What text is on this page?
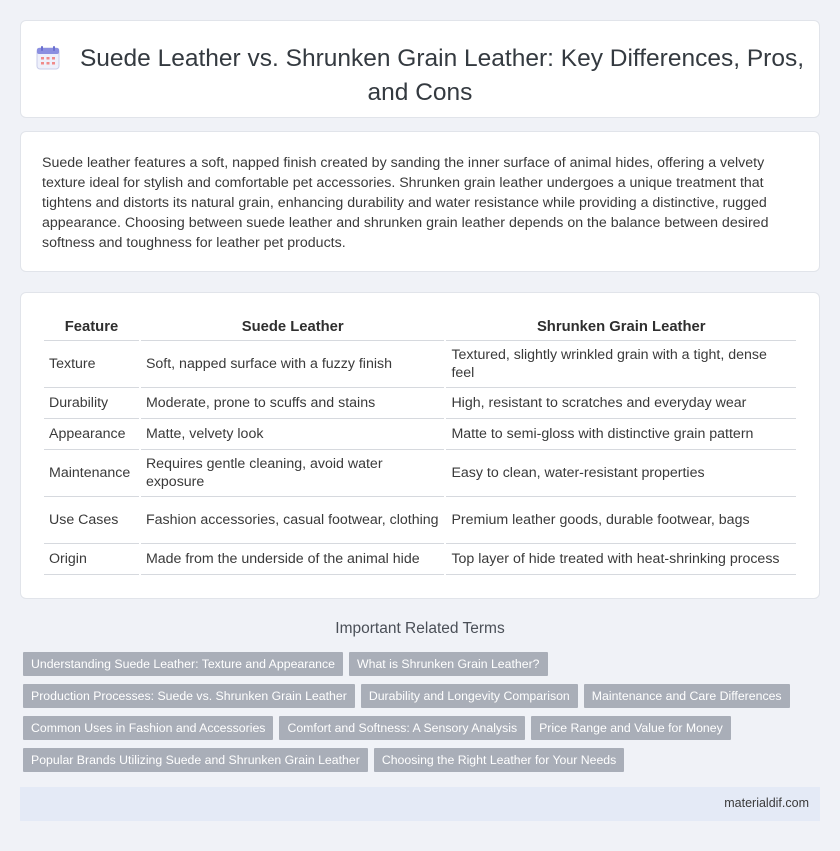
Suede Leather vs. Shrunken Grain Leather: Key Differences, Pros, and Cons

Suede leather features a soft, napped finish created by sanding the inner surface of animal hides, offering a velvety texture ideal for stylish and comfortable pet accessories. Shrunken grain leather undergoes a unique treatment that tightens and distorts its natural grain, enhancing durability and water resistance while providing a distinctive, rugged appearance. Choosing between suede leather and shrunken grain leather depends on the balance between desired softness and toughness for leather pet products.

Feature	Suede Leather	Shrunken Grain Leather
Texture	Soft, napped surface with a fuzzy finish	Textured, slightly wrinkled grain with a tight, dense feel
Durability	Moderate, prone to scuffs and stains	High, resistant to scratches and everyday wear
Appearance	Matte, velvety look	Matte to semi-gloss with distinctive grain pattern
Maintenance	Requires gentle cleaning, avoid water exposure	Easy to clean, water-resistant properties
Use Cases	Fashion accessories, casual footwear, clothing	Premium leather goods, durable footwear, bags
Origin	Made from the underside of the animal hide	Top layer of hide treated with heat-shrinking process
Important Related Terms
Understanding Suede Leather: Texture and Appearance What is Shrunken Grain Leather?
Production Processes: Suede vs. Shrunken Grain Leather Durability and Longevity Comparison Maintenance and Care Differences
Common Uses in Fashion and Accessories Comfort and Softness: A Sensory Analysis Price Range and Value for Money
Popular Brands Utilizing Suede and Shrunken Grain Leather Choosing the Right Leather for Your Needs
materialdif.com
